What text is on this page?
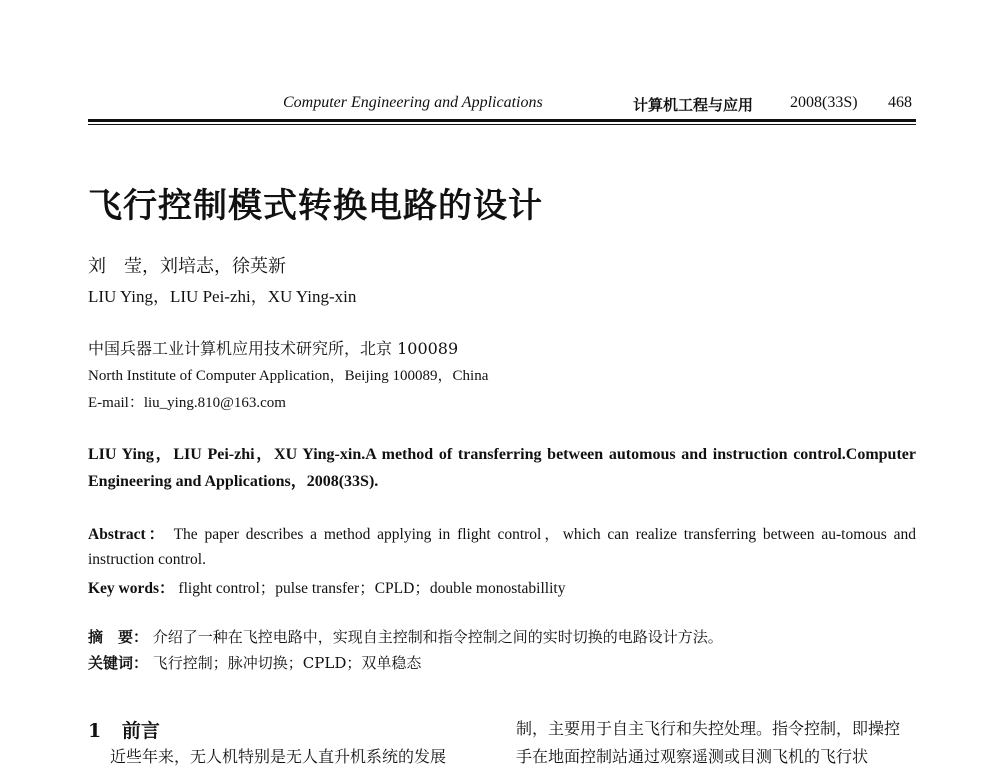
Computer Engineering and Applications	计算机工程与应用 2008(33S) 468
飞行控制模式转换电路的设计
刘　莹，刘培志，徐英新
LIU Ying，LIU Pei-zhi，XU Ying-xin
中国兵器工业计算机应用技术研究所，北京 100089
North Institute of Computer Application，Beijing 100089，China
E-mail：liu_ying.810@163.com
LIU Ying，LIU Pei-zhi，XU Ying-xin.A method of transferring between automous and instruction control.Computer Engineering and Applications，2008(33S).
Abstract： The paper describes a method applying in flight control，which can realize transferring between au-tomous and instruction control.
Key words： flight control；pulse transfer；CPLD；double monostabillity
摘　要： 介绍了一种在飞控电路中，实现自主控制和指令控制之间的实时切换的电路设计方法。
关键词： 飞行控制；脉冲切换；CPLD；双单稳态
1 前言
近些年来，无人机特别是无人直升机系统的发展
制，主要用于自主飞行和失控处理。指令控制，即操控
手在地面控制站通过观察遥测或目测飞机的飞行状
